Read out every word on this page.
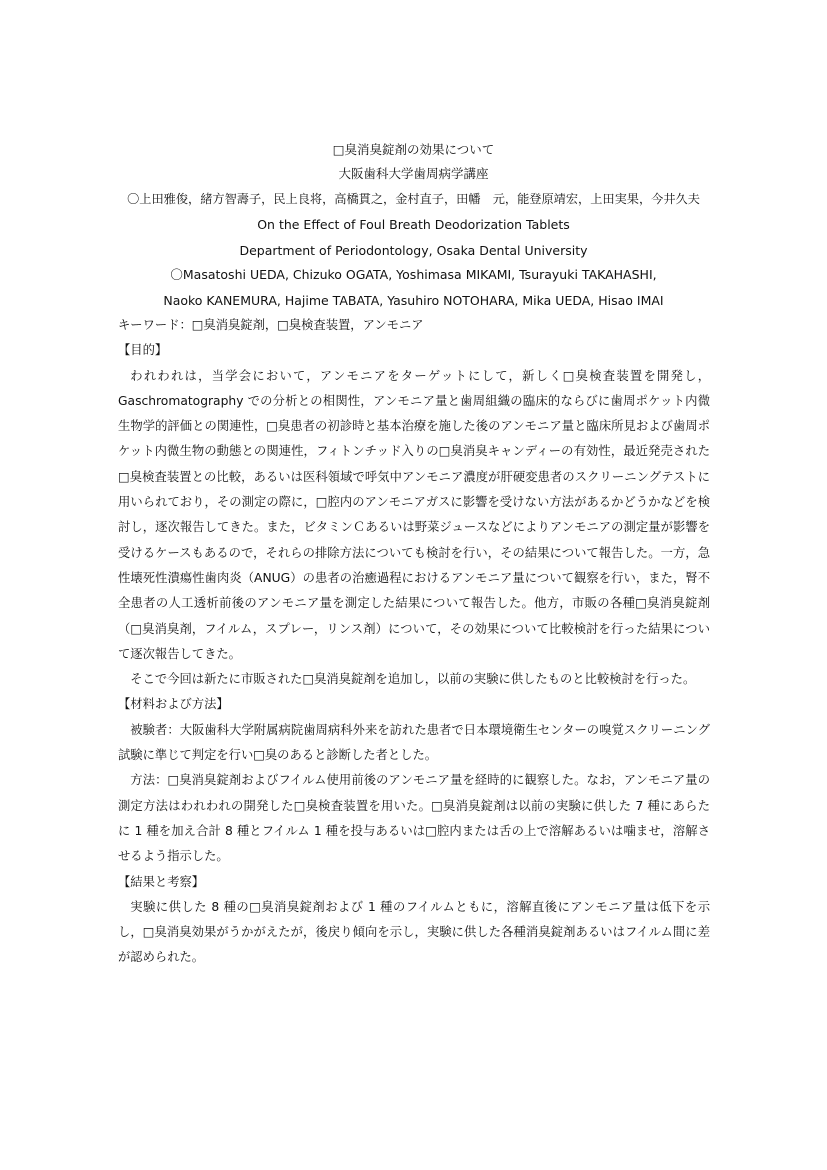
□臭消臭錠剤の効果について
大阪歯科大学歯周病学講座
〇上田雅俊，緒方智壽子，民上良将，高橋貫之，金村直子，田幡　元，能登原靖宏，上田実果，今井久夫
On the Effect of Foul Breath Deodorization Tablets
Department of Periodontology, Osaka Dental University
〇Masatoshi UEDA, Chizuko OGATA, Yoshimasa MIKAMI, Tsurayuki TAKAHASHI,
Naoko KANEMURA, Hajime TABATA, Yasuhiro NOTOHARA, Mika UEDA, Hisao IMAI

キーワード：□臭消臭錠剤，□臭検査装置，アンモニア

【目的】

われわれは，当学会において，アンモニアをターゲットにして，新しく□臭検査装置を開発し，Gaschromatography での分析との相関性，アンモニア量と歯周組織の臨床的ならびに歯周ポケット内微生物学的評価との関連性，□臭患者の初診時と基本治療を施した後のアンモニア量と臨床所見および歯周ポケット内微生物の動態との関連性，フィトンチッド入りの□臭消臭キャンディーの有効性，最近発売された□臭検査装置との比較，あるいは医科領域で呼気中アンモニア濃度が肝硬変患者のスクリーニングテストに用いられており，その測定の際に，□腔内のアンモニアガスに影響を受けない方法があるかどうかなどを検討し，逐次報告してきた。また，ビタミンＣあるいは野菜ジュースなどによりアンモニアの測定量が影響を受けるケースもあるので，それらの排除方法についても検討を行い，その結果について報告した。一方，急性壊死性潰瘍性歯肉炎（ANUG）の患者の治癒過程におけるアンモニア量について観察を行い，また，腎不全患者の人工透析前後のアンモニア量を測定した結果について報告した。他方，市販の各種□臭消臭錠剤（□臭消臭剤，フイルム，スプレー，リンス剤）について，その効果について比較検討を行った結果について逐次報告してきた。

そこで今回は新たに市販された□臭消臭錠剤を追加し，以前の実験に供したものと比較検討を行った。

【材料および方法】

被験者：大阪歯科大学附属病院歯周病科外来を訪れた患者で日本環境衛生センターの嗅覚スクリーニング試験に準じて判定を行い□臭のあると診断した者とした。

方法：□臭消臭錠剤およびフイルム使用前後のアンモニア量を経時的に観察した。なお，アンモニア量の測定方法はわれわれの開発した□臭検査装置を用いた。□臭消臭錠剤は以前の実験に供した 7 種にあらたに 1 種を加え合計 8 種とフイルム 1 種を投与あるいは□腔内または舌の上で溶解あるいは噛ませ，溶解させるよう指示した。

【結果と考察】

実験に供した 8 種の□臭消臭錠剤および 1 種のフイルムともに，溶解直後にアンモニア量は低下を示し，□臭消臭効果がうかがえたが，後戻り傾向を示し，実験に供した各種消臭錠剤あるいはフイルム間に差が認められた。
